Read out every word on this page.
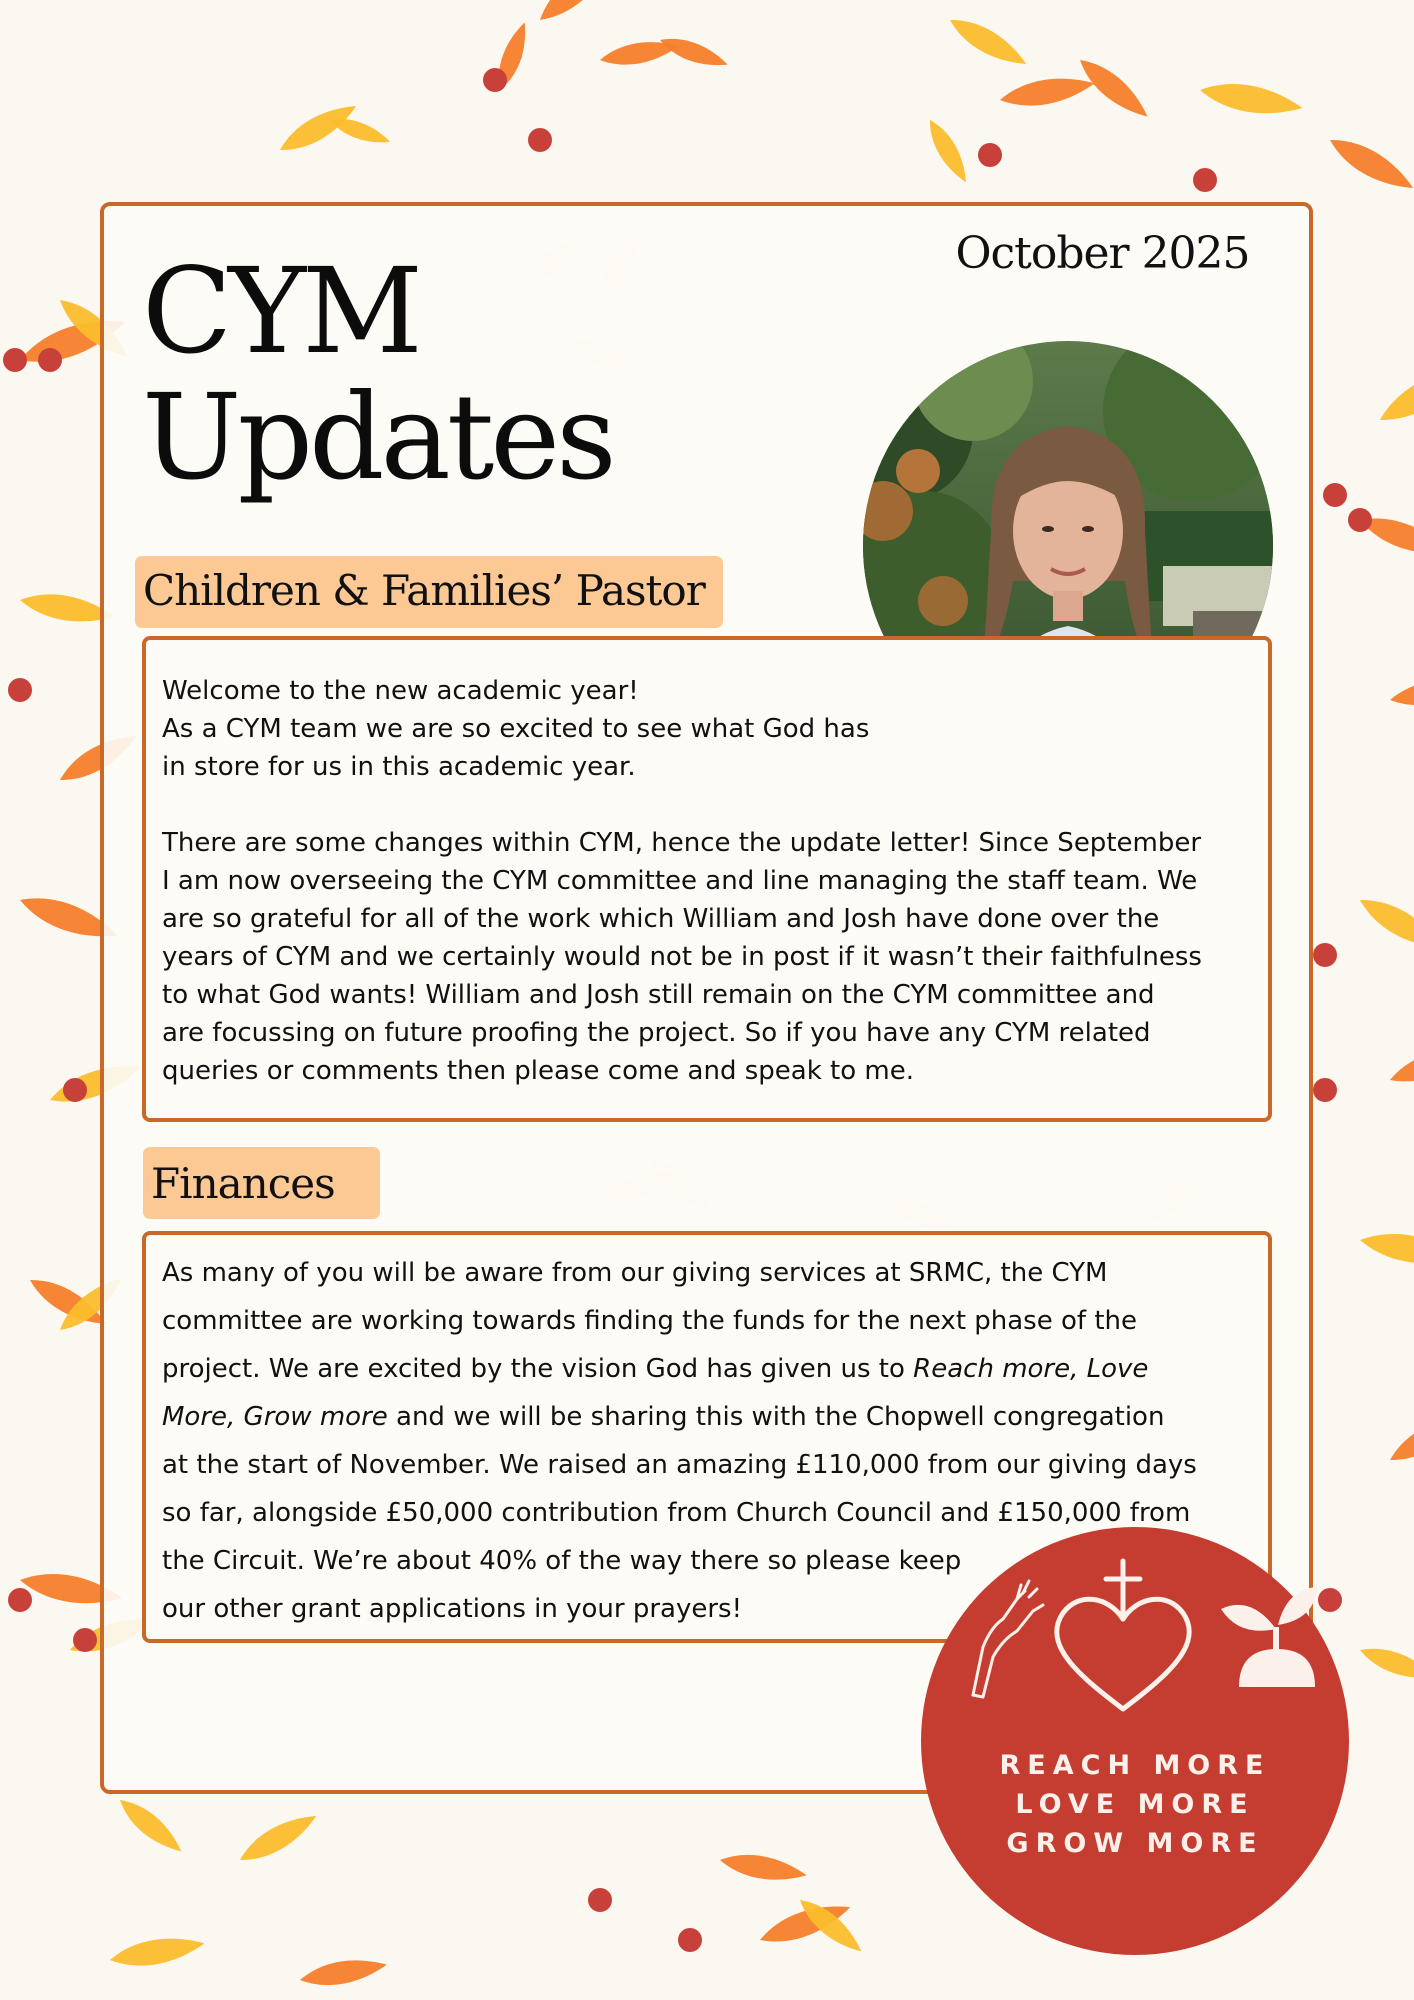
October 2025
CYM
Updates
Children & Families’ Pastor

Welcome to the new academic year!
As a CYM team we are so excited to see what God has
in store for us in this academic year.

There are some changes within CYM, hence the update letter! Since September
I am now overseeing the CYM committee and line managing the staff team. We
are so grateful for all of the work which William and Josh have done over the
years of CYM and we certainly would not be in post if it wasn’t their faithfulness
to what God wants! William and Josh still remain on the CYM committee and
are focussing on future proofing the project. So if you have any CYM related
queries or comments then please come and speak to me.

Finances
As many of you will be aware from our giving services at SRMC, the CYM
committee are working towards finding the funds for the next phase of the
project. We are excited by the vision God has given us to Reach more, Love
More, Grow more and we will be sharing this with the Chopwell congregation
at the start of November. We raised an amazing £110,000 from our giving days
so far, alongside £50,000 contribution from Church Council and £150,000 from
the Circuit. We’re about 40% of the way there so please keep
our other grant applications in your prayers!
REACH MORE
LOVE MORE
GROW MORE
